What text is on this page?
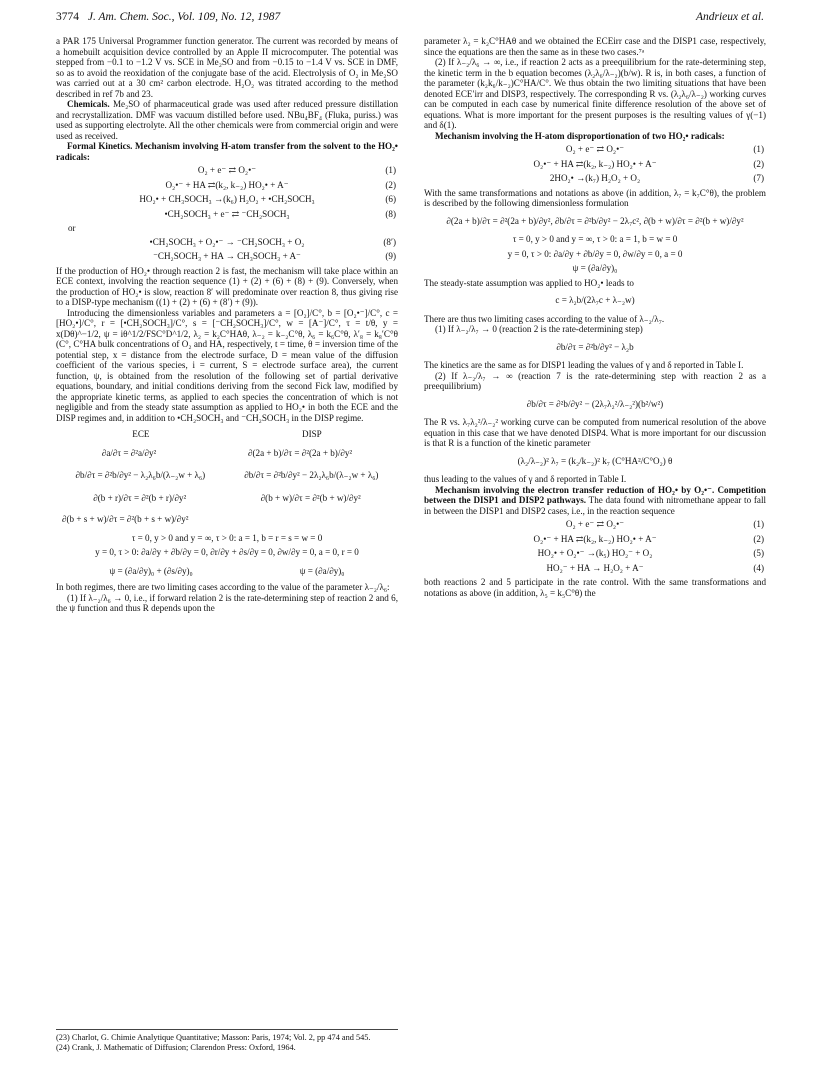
3774 J. Am. Chem. Soc., Vol. 109, No. 12, 1987	Andrieux et al.

a PAR 175 Universal Programmer function generator. The current was recorded by means of a homebuilt acquisition device controlled by an Apple II microcomputer. The potential was stepped from −0.1 to −1.2 V vs. SCE in Me₂SO and from −0.15 to −1.4 V vs. SCE in DMF, so as to avoid the reoxidation of the conjugate base of the acid. Electrolysis of O₂ in Me₂SO was carried out at a 30 cm² carbon electrode. H₂O₂ was titrated according to the method described in ref 7b and 23.

Chemicals. Me₂SO of pharmaceutical grade was used after reduced pressure distillation and recrystallization. DMF was vacuum distilled before used. NBu₄BF₄ (Fluka, puriss.) was used as supporting electrolyte. All the other chemicals were from commercial origin and were used as received.

Formal Kinetics. Mechanism involving H-atom transfer from the solvent to the HO₂• radicals:

O₂ + e⁻ ⇄ O₂•⁻	(1)
O₂•⁻ + HA ⇄(k₂, k₋₂) HO₂• + A⁻	(2)
HO₂• + CH₃SOCH₃ →(k₆) H₂O₂ + •CH₂SOCH₃	(6)
•CH₂SOCH₃ + e⁻ ⇄ ⁻CH₂SOCH₃	(8)
or
•CH₂SOCH₃ + O₂•⁻ → ⁻CH₂SOCH₃ + O₂	(8′)
⁻CH₂SOCH₃ + HA → CH₃SOCH₃ + A⁻	(9)

If the production of HO₂• through reaction 2 is fast, the mechanism will take place within an ECE context, involving the reaction sequence (1) + (2) + (6) + (8) + (9). Conversely, when the production of HO₂• is slow, reaction 8′ will predominate over reaction 8, thus giving rise to a DISP-type mechanism ((1) + (2) + (6) + (8′) + (9)).

Introducing the dimensionless variables and parameters a = [O₂]/C°, b = [O₂•⁻]/C°, c = [HO₂•]/C°, r = [•CH₂SOCH₃]/C°, s = [⁻CH₂SOCH₃]/C°, w = [A⁻]/C°, τ = t/θ, y = x(Dθ)^−1/2, ψ = iθ^1/2/FSC°D^1/2, λ₂ = k₂C°HAθ, λ₋₂ = k₋₂C°θ, λ₆ = k₆C°θ, λ′₈ = k₈′C°θ (C°, C°HA bulk concentrations of O₂ and HA, respectively, t = time, θ = inversion time of the potential step, x = distance from the electrode surface, D = mean value of the diffusion coefficient of the various species, i = current, S = electrode surface area), the current function, ψ, is obtained from the resolution of the following set of partial derivative equations, boundary, and initial conditions deriving from the second Fick law, modified by the appropriate kinetic terms, as applied to each species the concentration of which is not negligible and from the steady state assumption as applied to HO₂• in both the ECE and the DISP regimes and, in addition to •CH₂SOCH₃ and ⁻CH₂SOCH₃ in the DISP regime.

ECE	DISP
∂a/∂τ = ∂²a/∂y²	∂(2a + b)/∂τ = ∂²(2a + b)/∂y²
∂b/∂τ = ∂²b/∂y² − λ₂λ₆b/(λ₋₂w + λ₆)	∂b/∂τ = ∂²b/∂y² − 2λ₂λ₆b/(λ₋₂w + λ₆)
∂(b + r)/∂τ = ∂²(b + r)/∂y²	∂(b + w)/∂τ = ∂²(b + w)/∂y²
∂(b + s + w)/∂τ = ∂²(b + s + w)/∂y²
τ = 0, y > 0 and y = ∞, τ > 0: a = 1, b = r = s = w = 0
y = 0, τ > 0: ∂a/∂y + ∂b/∂y = 0, ∂r/∂y + ∂s/∂y = 0, ∂w/∂y = 0, a = 0, r = 0
ψ = (∂a/∂y)₀ + (∂s/∂y)₀	ψ = (∂a/∂y)₀

In both regimes, there are two limiting cases according to the value of the parameter λ₋₂/λ₆:

(1) If λ₋₂/λ₆ → 0, i.e., if forward relation 2 is the rate-determining step of reaction 2 and 6, the ψ function and thus R depends upon the

(23) Charlot, G. Chimie Analytique Quantitative; Masson: Paris, 1974; Vol. 2, pp 474 and 545.

(24) Crank, J. Mathematic of Diffusion; Clarendon Press: Oxford, 1964.

parameter λ₂ = k₂C°HAθ and we obtained the ECEirr case and the DISP1 case, respectively, since the equations are then the same as in these two cases.⁷ᵃ

(2) If λ₋₂/λ₆ → ∞, i.e., if reaction 2 acts as a preequilibrium for the rate-determining step, the kinetic term in the b equation becomes (λ₂λ₆/λ₋₂)(b/w). R is, in both cases, a function of the parameter (k₂k₆/k₋₂)C°HA/C°. We thus obtain the two limiting situations that have been denoted ECE′irr and DISP3, respectively. The corresponding R vs. (λ₂λ₆/λ₋₂) working curves can be computed in each case by numerical finite difference resolution of the above set of equations. What is more important for the present purposes is the resulting values of γ(−1) and δ(1).

Mechanism involving the H-atom disproportionation of two HO₂• radicals:

O₂ + e⁻ ⇄ O₂•⁻	(1)
O₂•⁻ + HA ⇄(k₂, k₋₂) HO₂• + A⁻	(2)
2HO₂• →(k₇) H₂O₂ + O₂	(7)

With the same transformations and notations as above (in addition, λ₇ = k₇C°θ), the problem is described by the following dimensionless formulation

∂(2a + b)/∂τ = ∂²(2a + b)/∂y², ∂b/∂τ = ∂²b/∂y² − 2λ₇c², ∂(b + w)/∂τ = ∂²(b + w)/∂y²
τ = 0, y > 0 and y = ∞, τ > 0: a = 1, b = w = 0
y = 0, τ > 0: ∂a/∂y + ∂b/∂y = 0, ∂w/∂y = 0, a = 0
ψ = (∂a/∂y)₀

The steady-state assumption was applied to HO₂• leads to

c = λ₂b/(2λ₇c + λ₋₂w)

There are thus two limiting cases according to the value of λ₋₂/λ₇.

(1) If λ₋₂/λ₇ → 0 (reaction 2 is the rate-determining step)

∂b/∂τ = ∂²b/∂y² − λ₂b

The kinetics are the same as for DISP1 leading the values of γ and δ reported in Table I.

(2) If λ₋₂/λ₇ → ∞ (reaction 7 is the rate-determining step with reaction 2 as a preequilibrium)

∂b/∂τ = ∂²b/∂y² − (2λ₇λ₂²/λ₋₂²)(b²/w²)

The R vs. λ₇λ₂²/λ₋₂² working curve can be computed from numerical resolution of the above equation in this case that we have denoted DISP4. What is more important for our discussion is that R is a function of the kinetic parameter

(λ₂/λ₋₂)² λ₇ = (k₂/k₋₂)² k₇ (C°HA²/C°O₂) θ

thus leading to the values of γ and δ reported in Table I.

Mechanism involving the electron transfer reduction of HO₂• by O₂•⁻. Competition between the DISP1 and DISP2 pathways. The data found with nitromethane appear to fall in between the DISP1 and DISP2 cases, i.e., in the reaction sequence

O₂ + e⁻ ⇄ O₂•⁻	(1)
O₂•⁻ + HA ⇄(k₂, k₋₂) HO₂• + A⁻	(2)
HO₂• + O₂•⁻ →(k₅) HO₂⁻ + O₂	(5)
HO₂⁻ + HA → H₂O₂ + A⁻	(4)

both reactions 2 and 5 participate in the rate control. With the same transformations and notations as above (in addition, λ₅ = k₅C°θ) the
